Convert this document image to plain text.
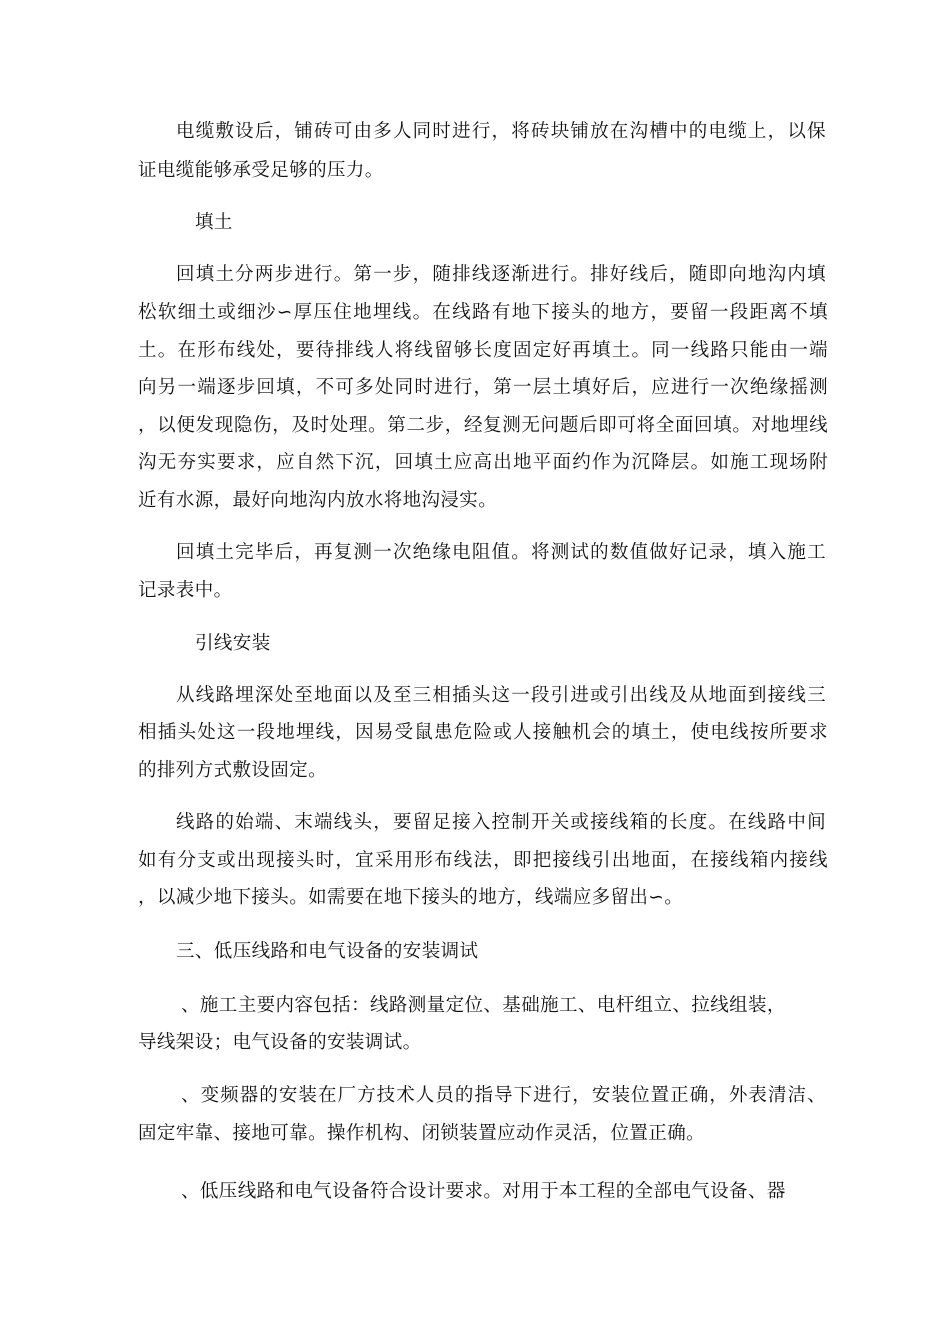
电缆敷设后，铺砖可由多人同时进行，将砖块铺放在沟槽中的电缆上，以保
证电缆能够承受足够的压力。
填土
回填土分两步进行。第一步，随排线逐渐进行。排好线后，随即向地沟内填
松软细土或细沙∽厚压住地埋线。在线路有地下接头的地方，要留一段距离不填
土。在形布线处，要待排线人将线留够长度固定好再填土。同一线路只能由一端
向另一端逐步回填，不可多处同时进行，第一层土填好后，应进行一次绝缘摇测
，以便发现隐伤，及时处理。第二步，经复测无问题后即可将全面回填。对地埋线
沟无夯实要求，应自然下沉，回填土应高出地平面约作为沉降层。如施工现场附
近有水源，最好向地沟内放水将地沟浸实。
回填土完毕后，再复测一次绝缘电阻值。将测试的数值做好记录，填入施工
记录表中。
引线安装
从线路埋深处至地面以及至三相插头这一段引进或引出线及从地面到接线三
相插头处这一段地埋线，因易受鼠患危险或人接触机会的填土，使电线按所要求
的排列方式敷设固定。
线路的始端、末端线头，要留足接入控制开关或接线箱的长度。在线路中间
如有分支或出现接头时，宜采用形布线法，即把接线引出地面，在接线箱内接线
，以减少地下接头。如需要在地下接头的地方，线端应多留出∽。
三、低压线路和电气设备的安装调试
、施工主要内容包括：线路测量定位、基础施工、电杆组立、拉线组装，
导线架设；电气设备的安装调试。
、变频器的安装在厂方技术人员的指导下进行，安装位置正确，外表清洁、
固定牢靠、接地可靠。操作机构、闭锁装置应动作灵活，位置正确。
、低压线路和电气设备符合设计要求。对用于本工程的全部电气设备、器
